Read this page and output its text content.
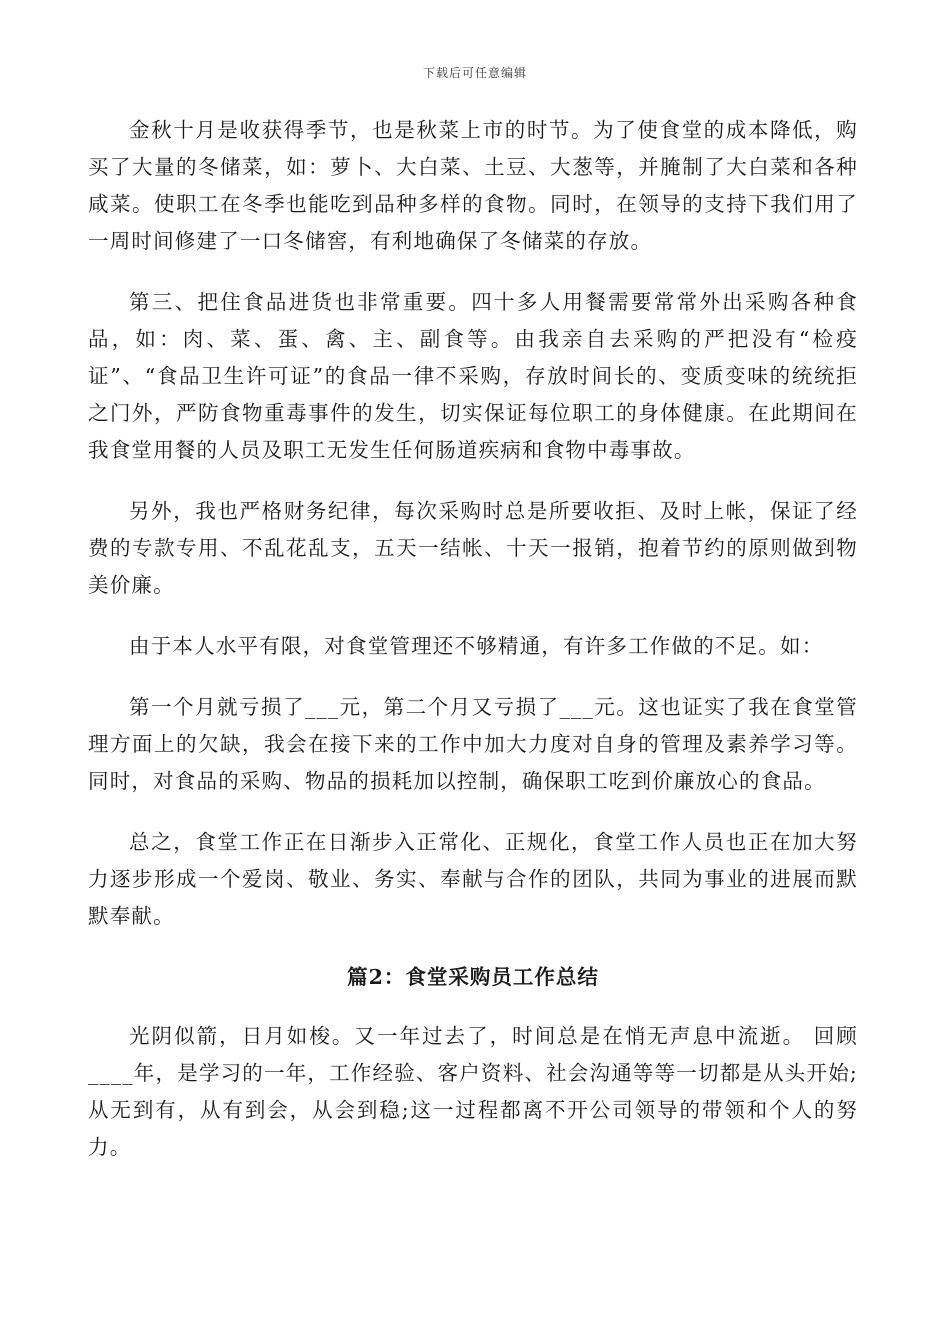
下载后可任意编辑

金秋十月是收获得季节，也是秋菜上市的时节。为了使食堂的成本降低，购买了大量的冬储菜，如：萝卜、大白菜、土豆、大葱等，并腌制了大白菜和各种咸菜。使职工在冬季也能吃到品种多样的食物。同时，在领导的支持下我们用了一周时间修建了一口冬储窖，有利地确保了冬储菜的存放。

第三、把住食品进货也非常重要。四十多人用餐需要常常外出采购各种食品，如：肉、菜、蛋、禽、主、副食等。由我亲自去采购的严把没有“检疫证”、“食品卫生许可证”的食品一律不采购，存放时间长的、变质变味的统统拒之门外，严防食物重毒事件的发生，切实保证每位职工的身体健康。在此期间在我食堂用餐的人员及职工无发生任何肠道疾病和食物中毒事故。

另外，我也严格财务纪律，每次采购时总是所要收拒、及时上帐，保证了经费的专款专用、不乱花乱支，五天一结帐、十天一报销，抱着节约的原则做到物美价廉。

由于本人水平有限，对食堂管理还不够精通，有许多工作做的不足。如：

第一个月就亏损了___元，第二个月又亏损了___元。这也证实了我在食堂管理方面上的欠缺，我会在接下来的工作中加大力度对自身的管理及素养学习等。同时，对食品的采购、物品的损耗加以控制，确保职工吃到价廉放心的食品。

总之，食堂工作正在日渐步入正常化、正规化，食堂工作人员也正在加大努力逐步形成一个爱岗、敬业、务实、奉献与合作的团队，共同为事业的进展而默默奉献。

篇2：食堂采购员工作总结

光阴似箭，日月如梭。又一年过去了，时间总是在悄无声息中流逝。 回顾____年，是学习的一年，工作经验、客户资料、社会沟通等等一切都是从头开始;从无到有，从有到会，从会到稳;这一过程都离不开公司领导的带领和个人的努力。
